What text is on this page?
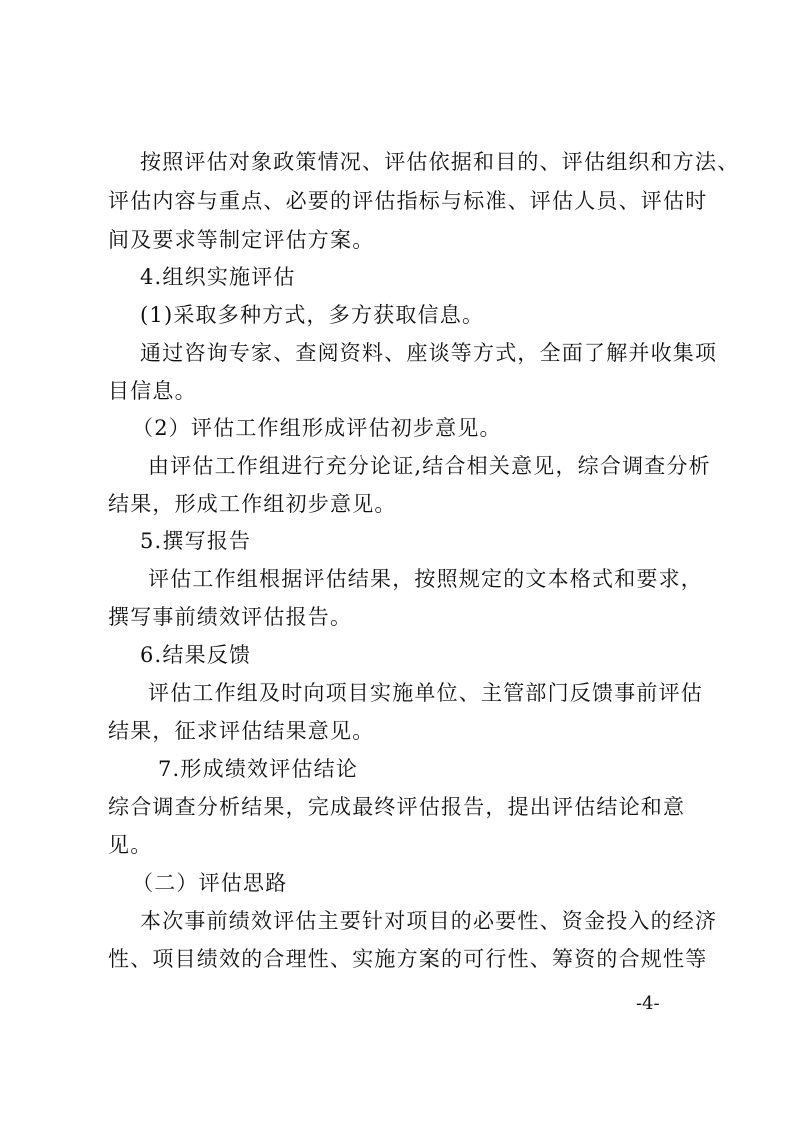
按照评估对象政策情况、评估依据和目的、评估组织和方法、
评估内容与重点、必要的评估指标与标准、评估人员、评估时
间及要求等制定评估方案。
4.组织实施评估
(1)采取多种方式，多方获取信息。
通过咨询专家、查阅资料、座谈等方式，全面了解并收集项
目信息。
（2）评估工作组形成评估初步意见。
由评估工作组进行充分论证,结合相关意见，综合调查分析
结果，形成工作组初步意见。
5.撰写报告
评估工作组根据评估结果，按照规定的文本格式和要求，
撰写事前绩效评估报告。
6.结果反馈
评估工作组及时向项目实施单位、主管部门反馈事前评估
结果，征求评估结果意见。
7.形成绩效评估结论
综合调查分析结果，完成最终评估报告，提出评估结论和意
见。
（二）评估思路
本次事前绩效评估主要针对项目的必要性、资金投入的经济
性、项目绩效的合理性、实施方案的可行性、筹资的合规性等
-4-
